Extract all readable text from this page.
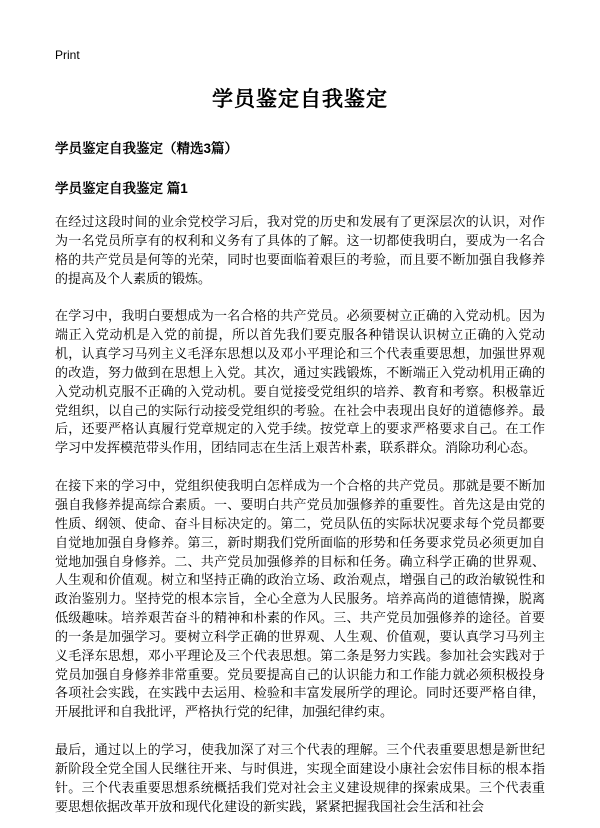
Print
学员鉴定自我鉴定
学员鉴定自我鉴定（精选3篇）
学员鉴定自我鉴定 篇1

在经过这段时间的业余党校学习后，我对党的历史和发展有了更深层次的认识，对作为一名党员所享有的权利和义务有了具体的了解。这一切都使我明白，要成为一名合格的共产党员是何等的光荣，同时也要面临着艰巨的考验，而且要不断加强自我修养的提高及个人素质的锻炼。

在学习中，我明白要想成为一名合格的共产党员。必须要树立正确的入党动机。因为端正入党动机是入党的前提，所以首先我们要克服各种错误认识树立正确的入党动机，认真学习马列主义毛泽东思想以及邓小平理论和三个代表重要思想，加强世界观的改造，努力做到在思想上入党。其次，通过实践锻炼，不断端正入党动机用正确的入党动机克服不正确的入党动机。要自觉接受党组织的培养、教育和考察。积极靠近党组织，以自己的实际行动接受党组织的考验。在社会中表现出良好的道德修养。最后，还要严格认真履行党章规定的入党手续。按党章上的要求严格要求自己。在工作学习中发挥模范带头作用，团结同志在生活上艰苦朴素，联系群众。消除功利心态。

在接下来的学习中，党组织使我明白怎样成为一个合格的共产党员。那就是要不断加强自我修养提高综合素质。一、要明白共产党员加强修养的重要性。首先这是由党的性质、纲领、使命、奋斗目标决定的。第二，党员队伍的实际状况要求每个党员都要自觉地加强自身修养。第三，新时期我们党所面临的形势和任务要求党员必须更加自觉地加强自身修养。二、共产党员加强修养的目标和任务。确立科学正确的世界观、人生观和价值观。树立和坚持正确的政治立场、政治观点，增强自己的政治敏锐性和政治鉴别力。坚持党的根本宗旨，全心全意为人民服务。培养高尚的道德情操，脱离低级趣味。培养艰苦奋斗的精神和朴素的作风。三、共产党员加强修养的途径。首要的一条是加强学习。要树立科学正确的世界观、人生观、价值观，要认真学习马列主义毛泽东思想，邓小平理论及三个代表思想。第二条是努力实践。参加社会实践对于党员加强自身修养非常重要。党员要提高自己的认识能力和工作能力就必须积极投身各项社会实践，在实践中去运用、检验和丰富发展所学的理论。同时还要严格自律，开展批评和自我批评，严格执行党的纪律，加强纪律约束。

最后，通过以上的学习，使我加深了对三个代表的理解。三个代表重要思想是新世纪新阶段全党全国人民继往开来、与时俱进，实现全面建设小康社会宏伟目标的根本指针。三个代表重要思想系统概括我们党对社会主义建设规律的探索成果。三个代表重要思想依据改革开放和现代化建设的新实践，紧紧把握我国社会生活和社会
